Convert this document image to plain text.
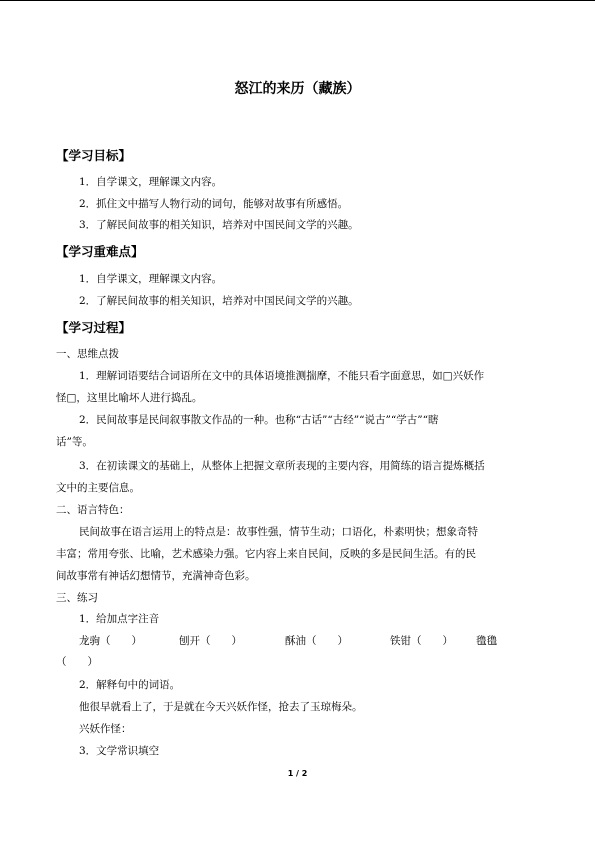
怒江的来历（藏族）
【学习目标】
1．自学课文，理解课文内容。
2．抓住文中描写人物行动的词句，能够对故事有所感悟。
3．了解民间故事的相关知识，培养对中国民间文学的兴趣。
【学习重难点】
1．自学课文，理解课文内容。
2．了解民间故事的相关知识，培养对中国民间文学的兴趣。
【学习过程】
一、思维点拨
1．理解词语要结合词语所在文中的具体语境推测揣摩，不能只看字面意思，如□兴妖作
怪□，这里比喻坏人进行捣乱。
2．民间故事是民间叙事散文作品的一种。也称“古话”“古经”“说古”“学古”“瞎
话”等。
3．在初读课文的基础上，从整体上把握文章所表现的主要内容，用简练的语言提炼概括
文中的主要信息。
二、语言特色：
民间故事在语言运用上的特点是：故事性强，情节生动；口语化，朴素明快；想象奇特
丰富；常用夸张、比喻，艺术感染力强。它内容上来自民间，反映的多是民间生活。有的民
间故事常有神话幻想情节，充满神奇色彩。
三、练习
1．给加点字注音
龙驹（　　）	刨开（　　）	酥油（　　）	铁钳（　　） 氇氇
（　　）
2．解释句中的词语。
他很早就看上了，于是就在今天兴妖作怪，抢去了玉琼梅朵。
兴妖作怪：
3．文学常识填空
1 / 2
